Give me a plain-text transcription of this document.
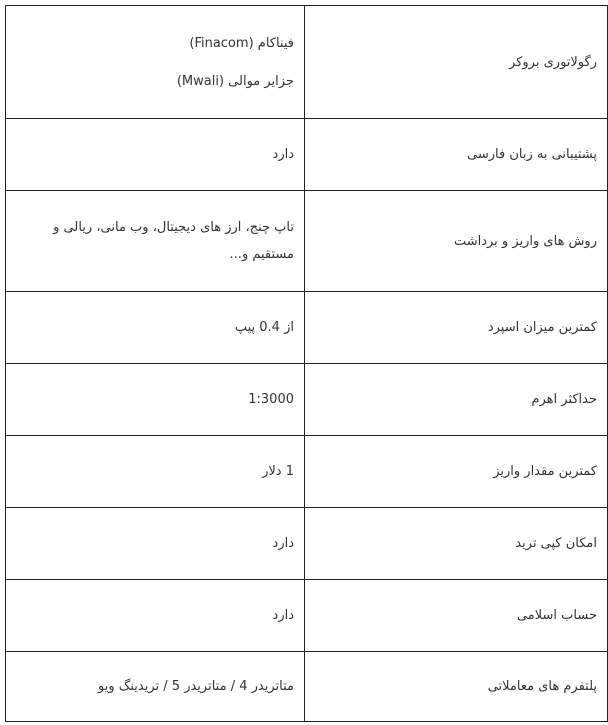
رگولاتوری بروکر	فیناکام (Finacom)
جزایر موالی (Mwali)

پشتیبانی به زبان فارسی	دارد
روش های واریز و برداشت	تاپ چنج، ارز های دیجیتال، وب مانی، ریالی و مستقیم و...
کمترین میزان اسپرد	از 0.4 پیپ
حداکثر اهرم	1:3000
کمترین مقدار واریز	1 دلار
امکان کپی ترید	دارد
حساب اسلامی	دارد
پلتفرم های معاملاتی	متاتریدر 4 / متاتریدر 5 / تریدینگ ویو
